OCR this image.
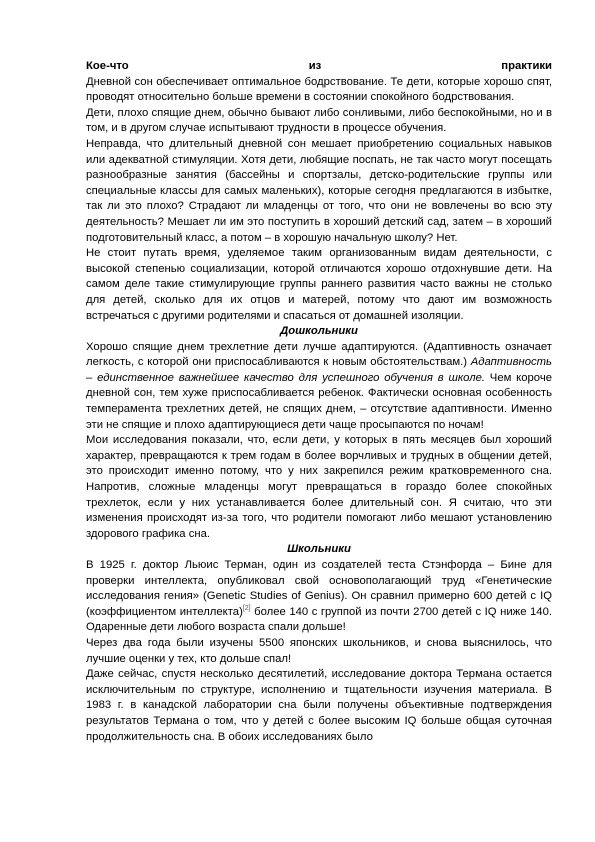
Кое-что	из	практики

Дневной сон обеспечивает оптимальное бодрствование. Те дети, которые хорошо спят, проводят относительно больше времени в состоянии спокойного бодрствования.

Дети, плохо спящие днем, обычно бывают либо сонливыми, либо беспокойными, но и в том, и в другом случае испытывают трудности в процессе обучения.

Неправда, что длительный дневной сон мешает приобретению социальных навыков или адекватной стимуляции. Хотя дети, любящие поспать, не так часто могут посещать разнообразные занятия (бассейны и спортзалы, детско-родительские группы или специальные классы для самых маленьких), которые сегодня предлагаются в избытке, так ли это плохо? Страдают ли младенцы от того, что они не вовлечены во всю эту деятельность? Мешает ли им это поступить в хороший детский сад, затем – в хороший подготовительный класс, а потом – в хорошую начальную школу? Нет.

Не стоит путать время, уделяемое таким организованным видам деятельности, с высокой степенью социализации, которой отличаются хорошо отдохнувшие дети. На самом деле такие стимулирующие группы раннего развития часто важны не столько для детей, сколько для их отцов и матерей, потому что дают им возможность встречаться с другими родителями и спасаться от домашней изоляции.

Дошкольники

Хорошо спящие днем трехлетние дети лучше адаптируются. (Адаптивность означает легкость, с которой они приспосабливаются к новым обстоятельствам.) Адаптивность – единственное важнейшее качество для успешного обучения в школе. Чем короче дневной сон, тем хуже приспосабливается ребенок. Фактически основная особенность темперамента трехлетних детей, не спящих днем, – отсутствие адаптивности. Именно эти не спящие и плохо адаптирующиеся дети чаще просыпаются по ночам!

Мои исследования показали, что, если дети, у которых в пять месяцев был хороший характер, превращаются к трем годам в более ворчливых и трудных в общении детей, это происходит именно потому, что у них закрепился режим кратковременного сна. Напротив, сложные младенцы могут превращаться в гораздо более спокойных трехлеток, если у них устанавливается более длительный сон. Я считаю, что эти изменения происходят из-за того, что родители помогают либо мешают установлению здорового графика сна.

Школьники

В 1925 г. доктор Льюис Терман, один из создателей теста Стэнфорда – Бине для проверки интеллекта, опубликовал свой основополагающий труд «Генетические исследования гения» (Genetic Studies of Genius). Он сравнил примерно 600 детей с IQ (коэффициентом интеллекта)[2] более 140 с группой из почти 2700 детей с IQ ниже 140. Одаренные дети любого возраста спали дольше!

Через два года были изучены 5500 японских школьников, и снова выяснилось, что лучшие оценки у тех, кто дольше спал!

Даже сейчас, спустя несколько десятилетий, исследование доктора Термана остается исключительным по структуре, исполнению и тщательности изучения материала. В 1983 г. в канадской лаборатории сна были получены объективные подтверждения результатов Термана о том, что у детей с более высоким IQ больше общая суточная продолжительность сна. В обоих исследованиях было
